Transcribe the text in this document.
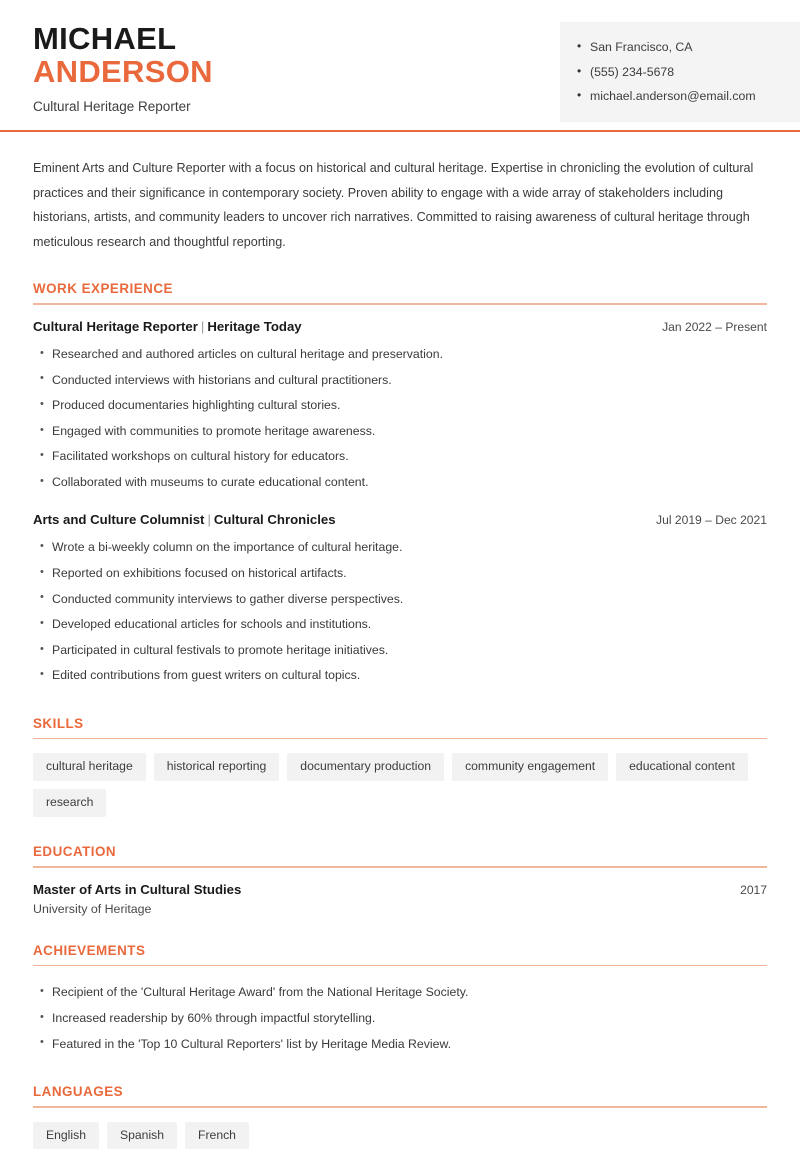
MICHAEL
ANDERSON
Cultural Heritage Reporter
• San Francisco, CA
• (555) 234-5678
• michael.anderson@email.com

Eminent Arts and Culture Reporter with a focus on historical and cultural heritage. Expertise in chronicling the evolution of cultural practices and their significance in contemporary society. Proven ability to engage with a wide array of stakeholders including historians, artists, and community leaders to uncover rich narratives. Committed to raising awareness of cultural heritage through meticulous research and thoughtful reporting.

WORK EXPERIENCE
Cultural Heritage Reporter | Heritage Today	Jan 2022 – Present
• Researched and authored articles on cultural heritage and preservation.
• Conducted interviews with historians and cultural practitioners.
• Produced documentaries highlighting cultural stories.
• Engaged with communities to promote heritage awareness.
• Facilitated workshops on cultural history for educators.
• Collaborated with museums to curate educational content.
Arts and Culture Columnist | Cultural Chronicles	Jul 2019 – Dec 2021
• Wrote a bi-weekly column on the importance of cultural heritage.
• Reported on exhibitions focused on historical artifacts.
• Conducted community interviews to gather diverse perspectives.
• Developed educational articles for schools and institutions.
• Participated in cultural festivals to promote heritage initiatives.
• Edited contributions from guest writers on cultural topics.
SKILLS
cultural heritage	historical reporting	documentary production	community engagement	educational content
research
EDUCATION
Master of Arts in Cultural Studies	2017
University of Heritage
ACHIEVEMENTS
• Recipient of the 'Cultural Heritage Award' from the National Heritage Society.
• Increased readership by 60% through impactful storytelling.
• Featured in the 'Top 10 Cultural Reporters' list by Heritage Media Review.
LANGUAGES
English	Spanish	French
